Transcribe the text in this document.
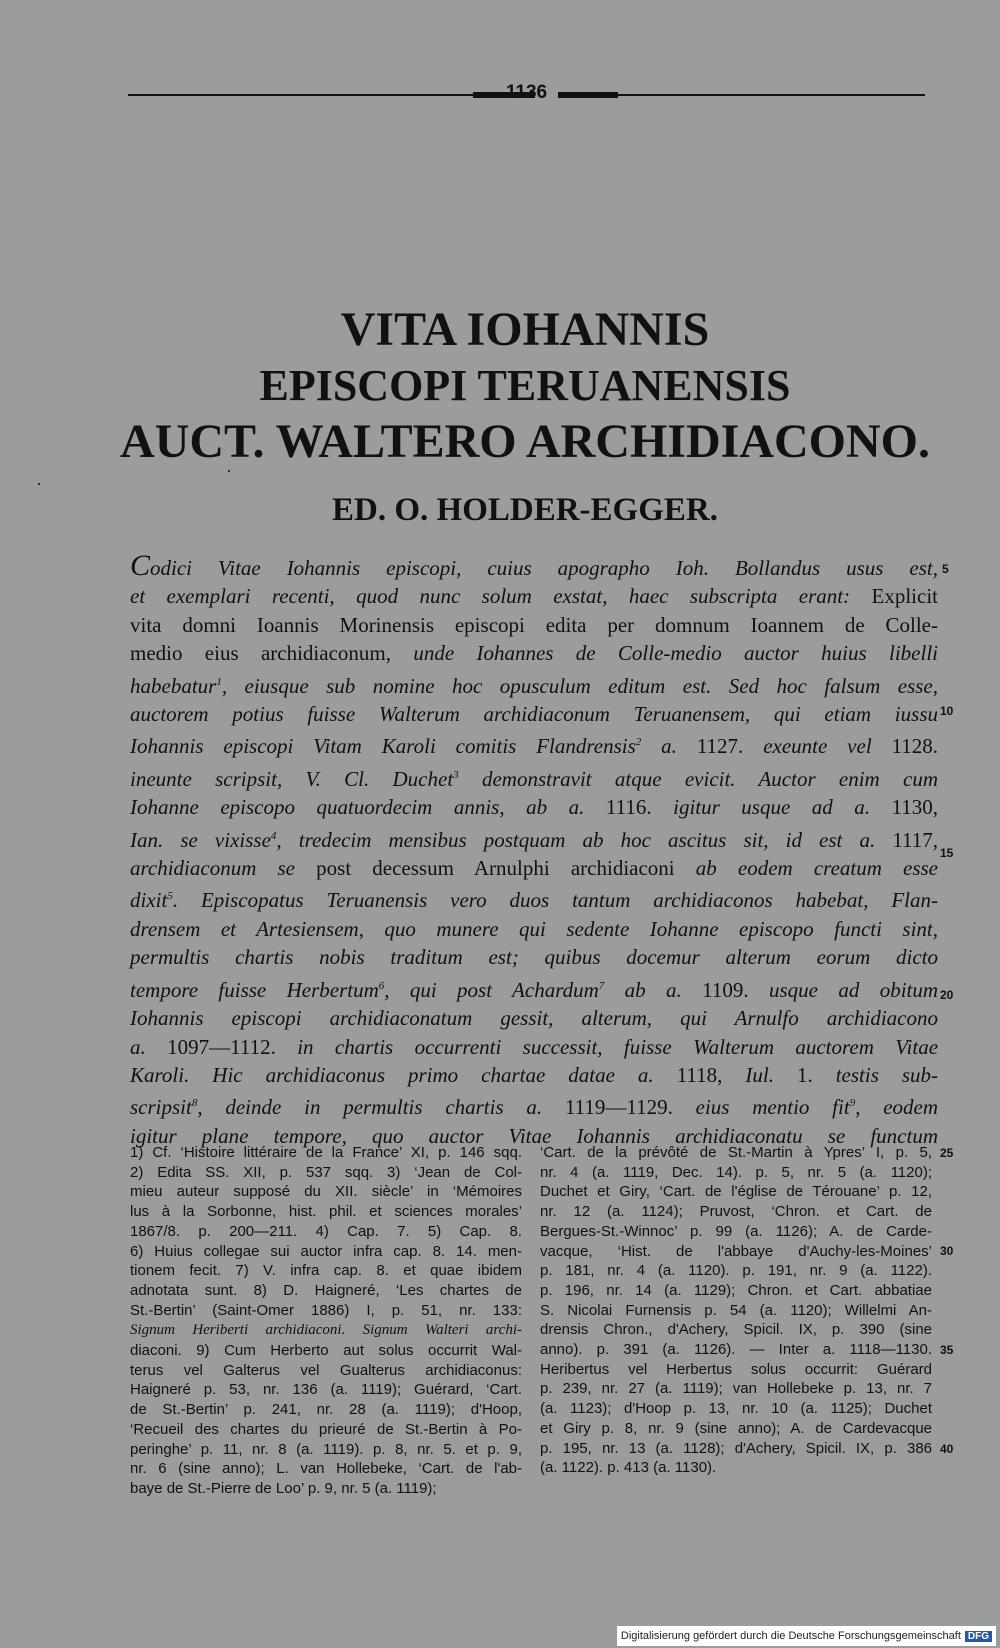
1136
VITA IOHANNIS
EPISCOPI TERUANENSIS
AUCT. WALTERO ARCHIDIACONO.
ED. O. HOLDER-EGGER.
Codici Vitae Iohannis episcopi, cuius apographo Ioh. Bollandus usus est,
et exemplari recenti, quod nunc solum exstat, haec subscripta erant: Explicit
vita domni Ioannis Morinensis episcopi edita per domnum Ioannem de Colle-
medio eius archidiaconum, unde Iohannes de Colle-medio auctor huius libelli
habebatur$^1$, eiusque sub nomine hoc opusculum editum est. Sed hoc falsum esse,
auctorem potius fuisse Walterum archidiaconum Teruanensem, qui etiam iussu
Iohannis episcopi Vitam Karoli comitis Flandrensis$^2$ a. 1127. exeunte vel 1128.
ineunte scripsit, V. Cl. Duchet$^3$ demonstravit atque evicit. Auctor enim cum
Iohanne episcopo quatuordecim annis, ab a. 1116. igitur usque ad a. 1130,
Ian. se vixisse$^4$, tredecim mensibus postquam ab hoc ascitus sit, id est a. 1117,
archidiaconum se post decessum Arnulphi archidiaconi ab eodem creatum esse
dixit$^5$. Episcopatus Teruanensis vero duos tantum archidiaconos habebat, Flan-
drensem et Artesiensem, quo munere qui sedente Iohanne episcopo functi sint,
permultis chartis nobis traditum est; quibus docemur alterum eorum dicto
tempore fuisse Herbertum$^6$, qui post Achardum$^7$ ab a. 1109. usque ad obitum
Iohannis episcopi archidiaconatum gessit, alterum, qui Arnulfo archidiacono
a. 1097—1112. in chartis occurrenti successit, fuisse Walterum auctorem Vitae
Karoli. Hic archidiaconus primo chartae datae a. 1118, Iul. 1. testis sub-
scripsit$^8$, deinde in permultis chartis a. 1119—1129. eius mentio fit$^9$, eodem
igitur plane tempore, quo auctor Vitae Iohannis archidiaconatu se functum
5
10
15
20
25
30
35
40
1) Cf. ‘Histoire littéraire de la France’ XI, p. 146 sqq.
2) Edita SS. XII, p. 537 sqq. 3) ‘Jean de Col-
mieu auteur supposé du XII. siècle’ in ‘Mémoires
lus à la Sorbonne, hist. phil. et sciences morales’
1867/8. p. 200—211. 4) Cap. 7. 5) Cap. 8.
6) Huius collegae sui auctor infra cap. 8. 14. men-
tionem fecit. 7) V. infra cap. 8. et quae ibidem
adnotata sunt. 8) D. Haigneré, ‘Les chartes de
St.-Bertin’ (Saint-Omer 1886) I, p. 51, nr. 133:
Signum Heriberti archidiaconi. Signum Walteri archi-
diaconi. 9) Cum Herberto aut solus occurrit Wal-
terus vel Galterus vel Gualterus archidiaconus:
Haigneré p. 53, nr. 136 (a. 1119); Guérard, ‘Cart.
de St.-Bertin’ p. 241, nr. 28 (a. 1119); d'Hoop,
‘Recueil des chartes du prieuré de St.-Bertin à Po-
peringhe’ p. 11, nr. 8 (a. 1119). p. 8, nr. 5. et p. 9,
nr. 6 (sine anno); L. van Hollebeke, ‘Cart. de l'ab-
baye de St.-Pierre de Loo’ p. 9, nr. 5 (a. 1119);
‘Cart. de la prévôté de St.-Martin à Ypres’ I, p. 5,
nr. 4 (a. 1119, Dec. 14). p. 5, nr. 5 (a. 1120);
Duchet et Giry, ‘Cart. de l'église de Térouane’ p. 12,
nr. 12 (a. 1124); Pruvost, ‘Chron. et Cart. de
Bergues-St.-Winnoc’ p. 99 (a. 1126); A. de Carde-
vacque, ‘Hist. de l'abbaye d'Auchy-les-Moines’
p. 181, nr. 4 (a. 1120). p. 191, nr. 9 (a. 1122).
p. 196, nr. 14 (a. 1129); Chron. et Cart. abbatiae
S. Nicolai Furnensis p. 54 (a. 1120); Willelmi An-
drensis Chron., d'Achery, Spicil. IX, p. 390 (sine
anno). p. 391 (a. 1126). — Inter a. 1118—1130.
Heribertus vel Herbertus solus occurrit: Guérard
p. 239, nr. 27 (a. 1119); van Hollebeke p. 13, nr. 7
(a. 1123); d'Hoop p. 13, nr. 10 (a. 1125); Duchet
et Giry p. 8, nr. 9 (sine anno); A. de Cardevacque
p. 195, nr. 13 (a. 1128); d'Achery, Spicil. IX, p. 386
(a. 1122). p. 413 (a. 1130).
Digitalisierung gefördert durch die Deutsche Forschungsgemeinschaft DFG
